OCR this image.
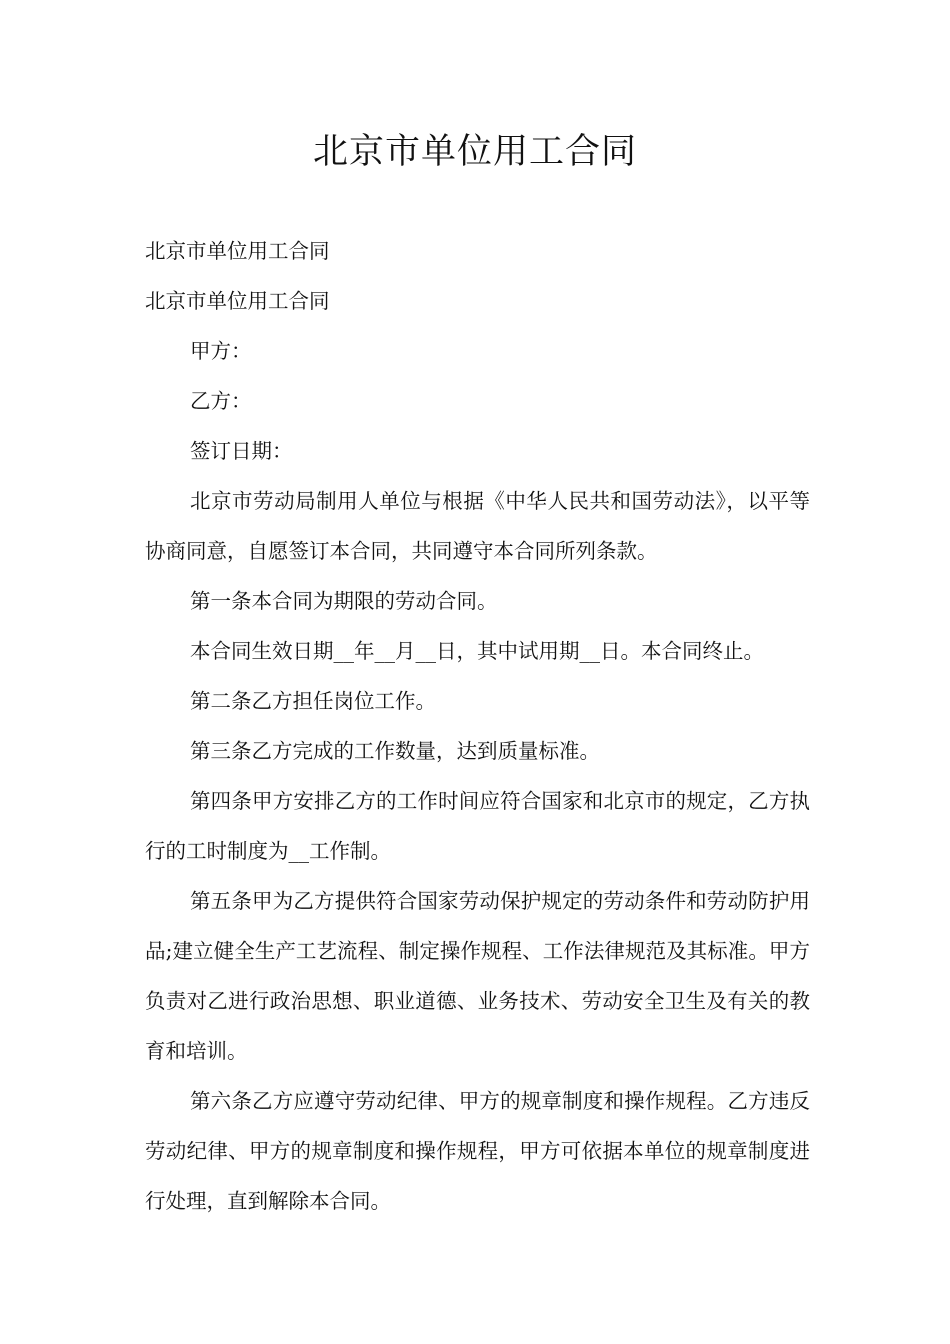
北京市单位用工合同

北京市单位用工合同

北京市单位用工合同

甲方：

乙方：

签订日期：

北京市劳动局制用人单位与根据《中华人民共和国劳动法》，以平等协商同意，自愿签订本合同，共同遵守本合同所列条款。

第一条本合同为期限的劳动合同。

本合同生效日期__年__月__日，其中试用期__日。本合同终止。

第二条乙方担任岗位工作。

第三条乙方完成的工作数量，达到质量标准。

第四条甲方安排乙方的工作时间应符合国家和北京市的规定，乙方执行的工时制度为__工作制。

第五条甲为乙方提供符合国家劳动保护规定的劳动条件和劳动防护用品;建立健全生产工艺流程、制定操作规程、工作法律规范及其标准。甲方负责对乙进行政治思想、职业道德、业务技术、劳动安全卫生及有关的教育和培训。

第六条乙方应遵守劳动纪律、甲方的规章制度和操作规程。乙方违反劳动纪律、甲方的规章制度和操作规程，甲方可依据本单位的规章制度进行处理，直到解除本合同。
